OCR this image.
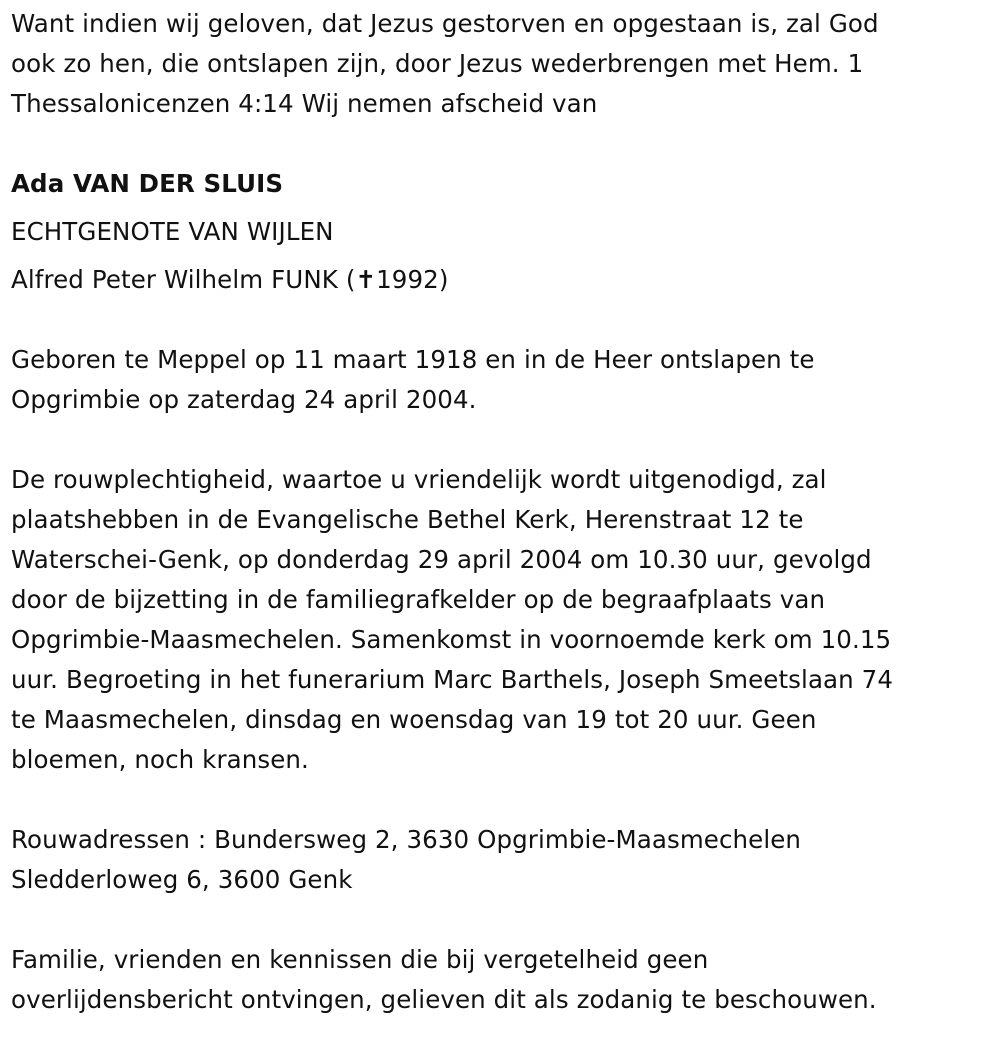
Want indien wij geloven, dat Jezus gestorven en opgestaan is, zal God
ook zo hen, die ontslapen zijn, door Jezus wederbrengen met Hem. 1
Thessalonicenzen 4:14 Wij nemen afscheid van
Ada VAN DER SLUIS
ECHTGENOTE VAN WIJLEN
Alfred Peter Wilhelm FUNK (✝1992)
Geboren te Meppel op 11 maart 1918 en in de Heer ontslapen te
Opgrimbie op zaterdag 24 april 2004.
De rouwplechtigheid, waartoe u vriendelijk wordt uitgenodigd, zal
plaatshebben in de Evangelische Bethel Kerk, Herenstraat 12 te
Waterschei-Genk, op donderdag 29 april 2004 om 10.30 uur, gevolgd
door de bijzetting in de familiegrafkelder op de begraafplaats van
Opgrimbie-Maasmechelen. Samenkomst in voornoemde kerk om 10.15
uur. Begroeting in het funerarium Marc Barthels, Joseph Smeetslaan 74
te Maasmechelen, dinsdag en woensdag van 19 tot 20 uur. Geen
bloemen, noch kransen.
Rouwadressen : Bundersweg 2, 3630 Opgrimbie-Maasmechelen
Sledderloweg 6, 3600 Genk
Familie, vrienden en kennissen die bij vergetelheid geen
overlijdensbericht ontvingen, gelieven dit als zodanig te beschouwen.
